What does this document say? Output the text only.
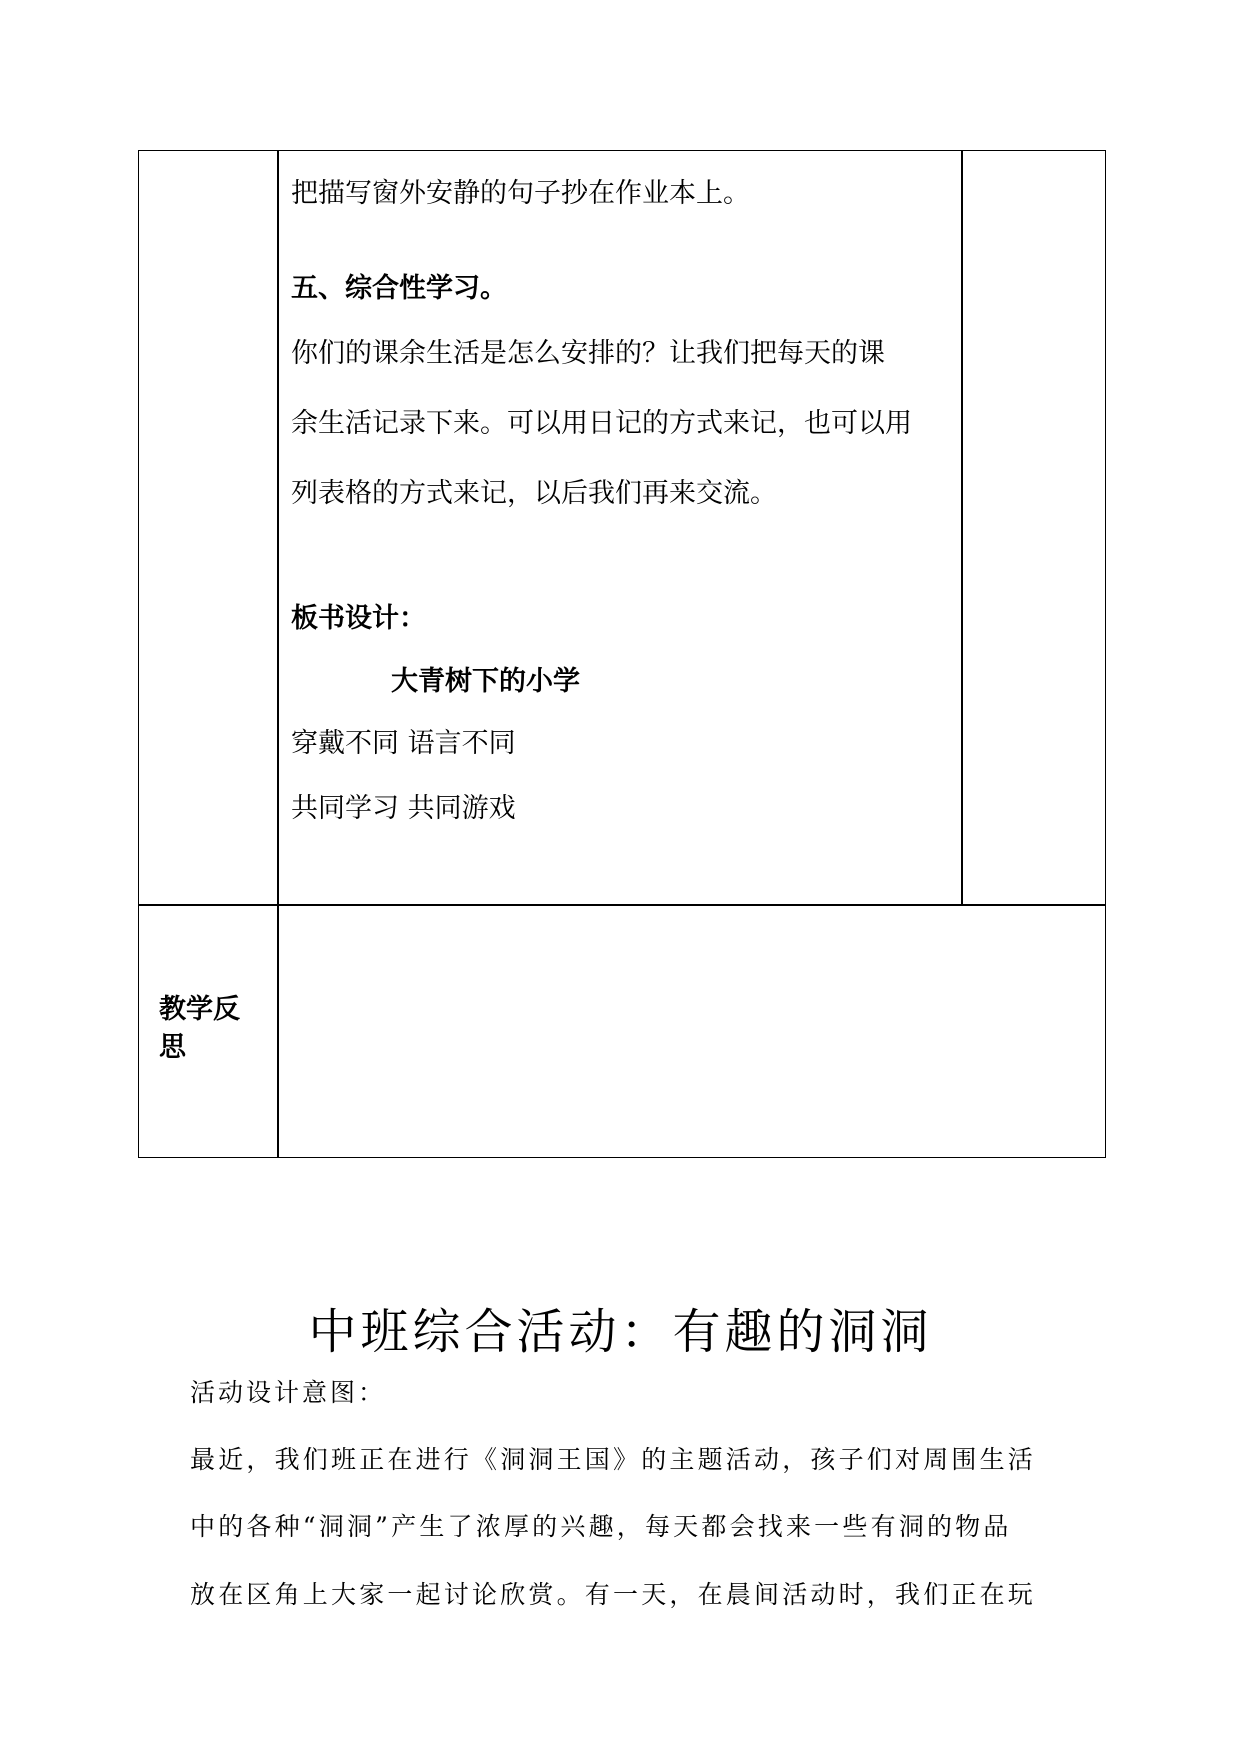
把描写窗外安静的句子抄在作业本上。
五、综合性学习。
你们的课余生活是怎么安排的？让我们把每天的课
余生活记录下来。可以用日记的方式来记，也可以用
列表格的方式来记，以后我们再来交流。
板书设计：
大青树下的小学
穿戴不同 语言不同
共同学习 共同游戏
教学反思
中班综合活动：有趣的洞洞
活动设计意图：
最近，我们班正在进行《洞洞王国》的主题活动，孩子们对周围生活
中的各种“洞洞”产生了浓厚的兴趣，每天都会找来一些有洞的物品
放在区角上大家一起讨论欣赏。有一天，在晨间活动时，我们正在玩
